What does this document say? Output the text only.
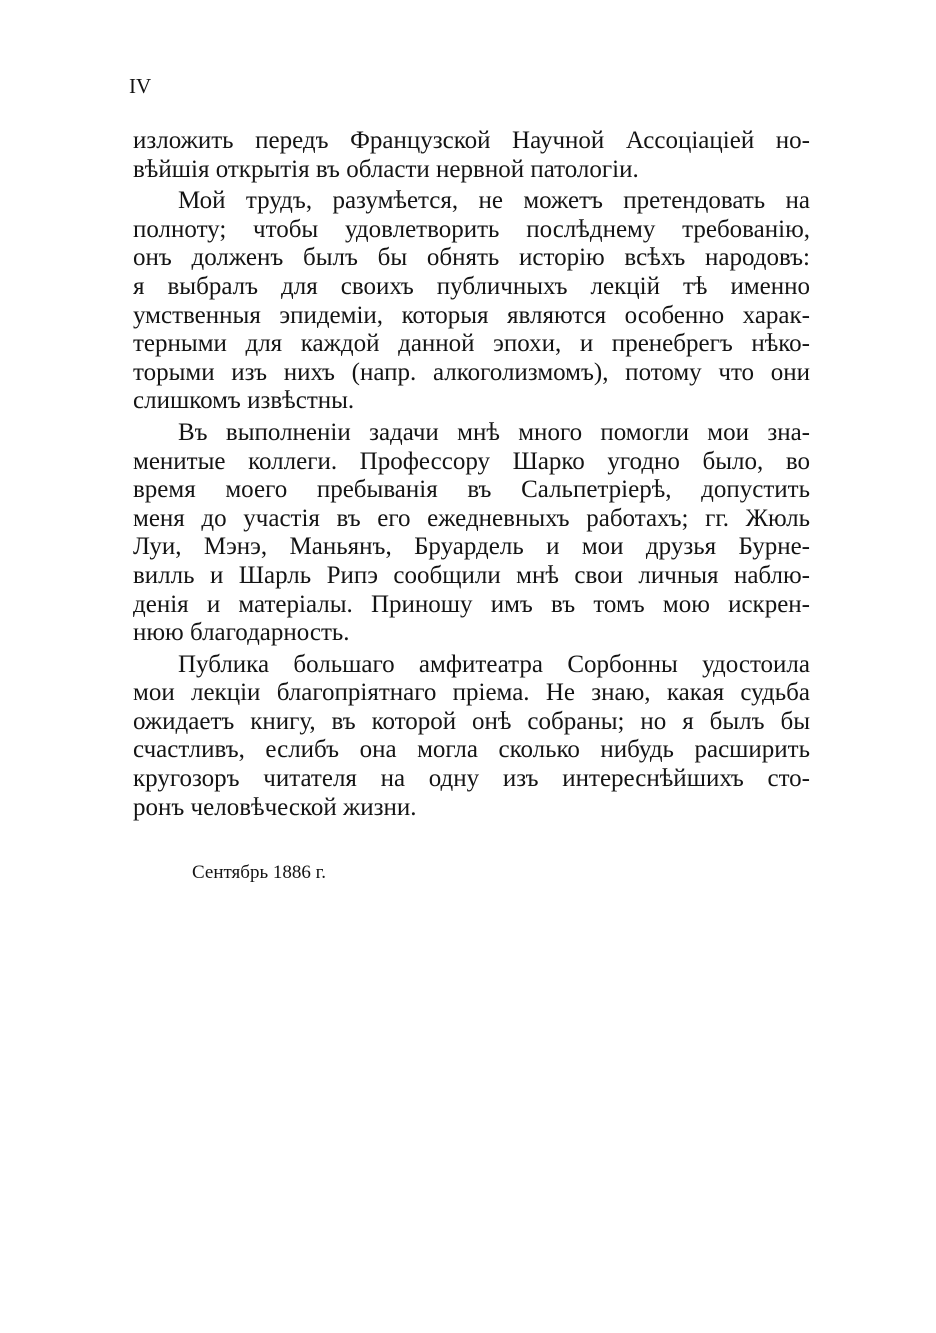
IV
изложить передъ Французской Научной Ассоціаціей но-
вѣйшія открытія въ области нервной патологіи.
Мой трудъ, разумѣется, не можетъ претендовать на
полноту; чтобы удовлетворить послѣднему требованію,
онъ долженъ былъ бы обнять исторію всѣхъ народовъ:
я выбралъ для своихъ публичныхъ лекцій тѣ именно
умственныя эпидеміи, которыя являются особенно харак-
терными для каждой данной эпохи, и пренебрегъ нѣко-
торыми изъ нихъ (напр. алкоголизмомъ), потому что они
слишкомъ извѣстны.
Въ выполненіи задачи мнѣ много помогли мои зна-
менитые коллеги. Профессору Шарко угодно было, во
время моего пребыванія въ Сальпетріерѣ, допустить
меня до участія въ его ежедневныхъ работахъ; гг. Жюль
Луи, Мэнэ, Маньянъ, Бруардель и мои друзья Бурне-
вилль и Шарль Рипэ сообщили мнѣ свои личныя наблю-
денія и матеріалы. Приношу имъ въ томъ мою искрен-
нюю благодарность.
Публика большаго амфитеатра Сорбонны удостоила
мои лекціи благопріятнаго пріема. Не знаю, какая судьба
ожидаетъ книгу, въ которой онѣ собраны; но я былъ бы
счастливъ, еслибъ она могла сколько нибудь расширить
кругозоръ читателя на одну изъ интереснѣйшихъ сто-
ронъ человѣческой жизни.
Сентябрь 1886 г.
